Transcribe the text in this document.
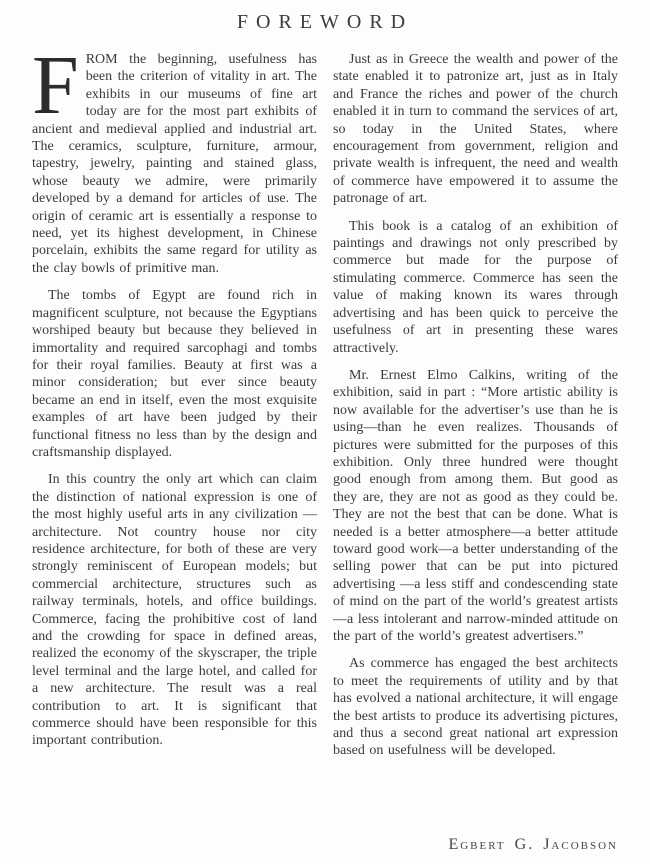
FOREWORD

FROM the beginning, usefulness has been the criterion of vitality in art. The exhibits in our museums of fine art today are for the most part exhibits of ancient and medieval applied and industrial art. The ceramics, sculpture, furniture, armour, tapestry, jewelry, painting and stained glass, whose beauty we admire, were primarily developed by a demand for articles of use. The origin of ceramic art is essentially a response to need, yet its highest development, in Chinese porcelain, exhibits the same regard for utility as the clay bowls of primitive man.

The tombs of Egypt are found rich in magnificent sculpture, not because the Egyptians worshiped beauty but because they believed in immortality and required sarcophagi and tombs for their royal families. Beauty at first was a minor consideration; but ever since beauty became an end in itself, even the most exquisite examples of art have been judged by their functional fitness no less than by the design and craftsmanship displayed.

In this country the only art which can claim the distinction of national expression is one of the most highly useful arts in any civilization — architecture. Not country house nor city residence architecture, for both of these are very strongly reminiscent of European models; but commercial architecture, structures such as railway terminals, hotels, and office buildings. Commerce, facing the prohibitive cost of land and the crowding for space in defined areas, realized the economy of the skyscraper, the triple level terminal and the large hotel, and called for a new architecture. The result was a real contribution to art. It is significant that commerce should have been responsible for this important contribution.

Just as in Greece the wealth and power of the state enabled it to patronize art, just as in Italy and France the riches and power of the church enabled it in turn to command the services of art, so today in the United States, where encouragement from government, religion and private wealth is infrequent, the need and wealth of commerce have empowered it to assume the patronage of art.

This book is a catalog of an exhibition of paintings and drawings not only prescribed by commerce but made for the purpose of stimulating commerce. Commerce has seen the value of making known its wares through advertising and has been quick to perceive the usefulness of art in presenting these wares attractively.

Mr. Ernest Elmo Calkins, writing of the exhibition, said in part : “More artistic ability is now available for the advertiser’s use than he is using—than he even realizes. Thousands of pictures were submitted for the purposes of this exhibition. Only three hundred were thought good enough from among them. But good as they are, they are not as good as they could be. They are not the best that can be done. What is needed is a better atmosphere—a better attitude toward good work—a better understanding of the selling power that can be put into pictured advertising —a less stiff and condescending state of mind on the part of the world’s greatest artists—a less intolerant and narrow-minded attitude on the part of the world’s greatest advertisers.”

As commerce has engaged the best architects to meet the requirements of utility and by that has evolved a national architecture, it will engage the best artists to produce its advertising pictures, and thus a second great national art expression based on usefulness will be developed.

Egbert G. Jacobson
